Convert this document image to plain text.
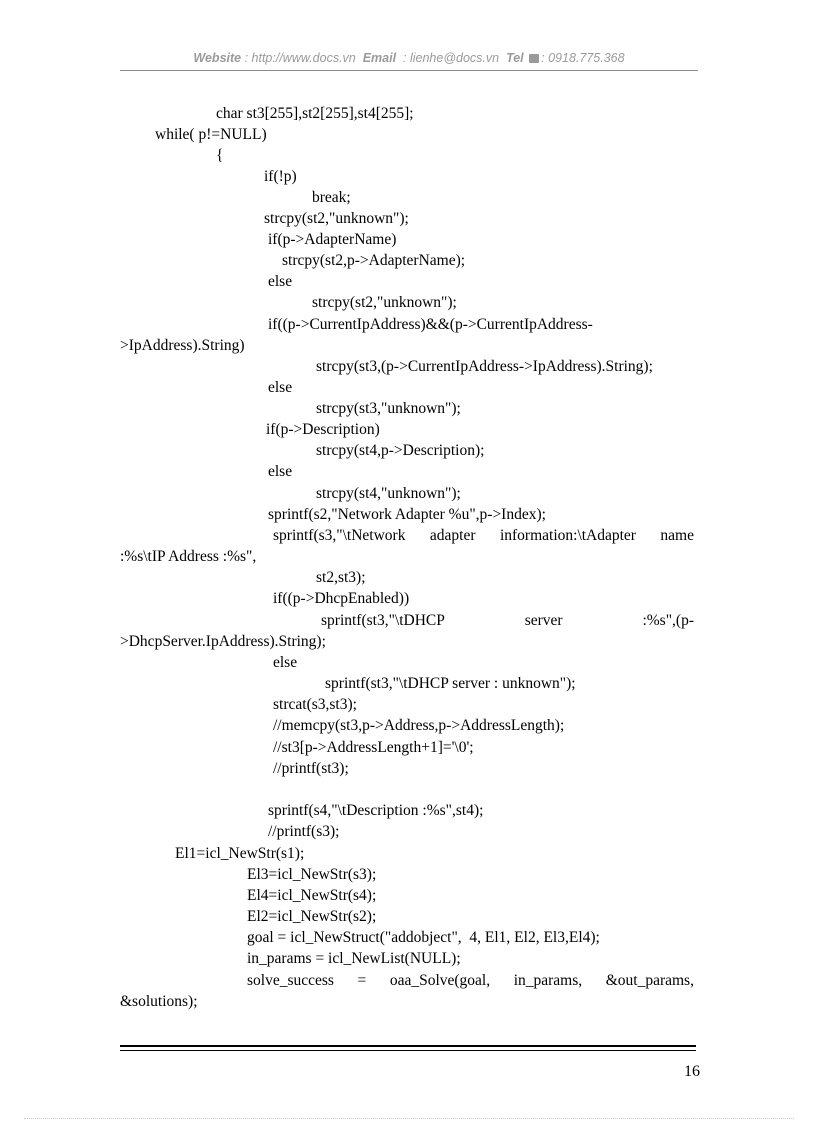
Website : http://www.docs.vn Email : lienhe@docs.vn Tel : 0918.775.368
char st3[255],st2[255],st4[255];
while( p!=NULL)
{
if(!p)
break;
strcpy(st2,"unknown");
if(p->AdapterName)
strcpy(st2,p->AdapterName);
else
strcpy(st2,"unknown");
if((p->CurrentIpAddress)&&(p->CurrentIpAddress-
>IpAddress).String)
strcpy(st3,(p->CurrentIpAddress->IpAddress).String);
else
strcpy(st3,"unknown");
if(p->Description)
strcpy(st4,p->Description);
else
strcpy(st4,"unknown");
sprintf(s2,"Network Adapter %u",p->Index);
sprintf(s3,"\tNetwork adapter information:\tAdapter name
:%s\tIP Address :%s",
st2,st3);
if((p->DhcpEnabled))
sprintf(st3,"\tDHCP	server	:%s",(p-
>DhcpServer.IpAddress).String);
else
sprintf(st3,"\tDHCP server : unknown");
strcat(s3,st3);
//memcpy(st3,p->Address,p->AddressLength);
//st3[p->AddressLength+1]='\0';
//printf(st3);
sprintf(s4,"\tDescription :%s",st4);
//printf(s3);
El1=icl_NewStr(s1);
El3=icl_NewStr(s3);
El4=icl_NewStr(s4);
El2=icl_NewStr(s2);
goal = icl_NewStruct("addobject",  4, El1, El2, El3,El4);
in_params = icl_NewList(NULL);
solve_success = oaa_Solve(goal, in_params, &out_params,
&solutions);
16
